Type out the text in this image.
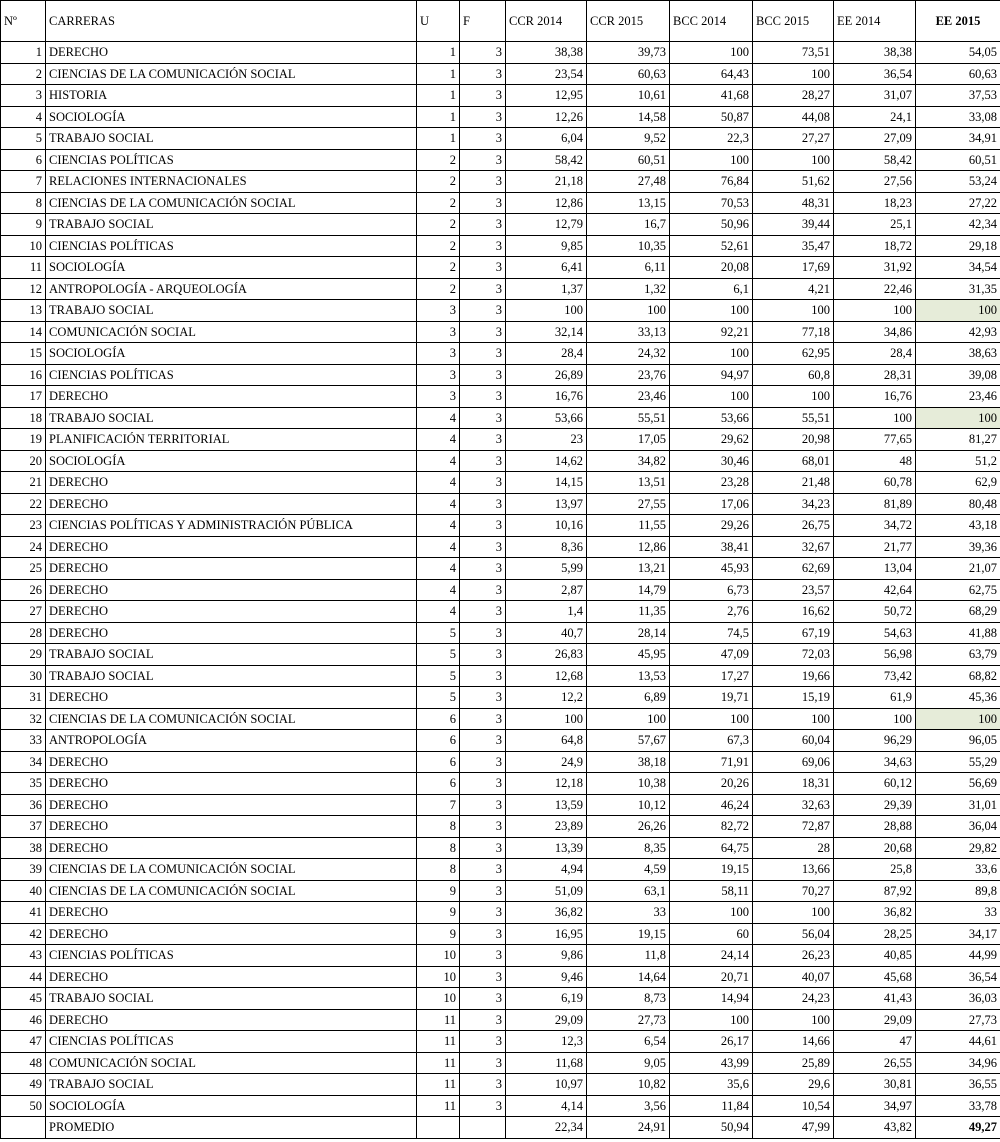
Nº	CARRERAS	U	F	CCR 2014	CCR 2015	BCC 2014	BCC 2015	EE 2014	EE 2015
1	DERECHO	1	3	38,38	39,73	100	73,51	38,38	54,05
2	CIENCIAS DE LA COMUNICACIÓN SOCIAL	1	3	23,54	60,63	64,43	100	36,54	60,63
3	HISTORIA	1	3	12,95	10,61	41,68	28,27	31,07	37,53
4	SOCIOLOGÍA	1	3	12,26	14,58	50,87	44,08	24,1	33,08
5	TRABAJO SOCIAL	1	3	6,04	9,52	22,3	27,27	27,09	34,91
6	CIENCIAS POLÍTICAS	2	3	58,42	60,51	100	100	58,42	60,51
7	RELACIONES INTERNACIONALES	2	3	21,18	27,48	76,84	51,62	27,56	53,24
8	CIENCIAS DE LA COMUNICACIÓN SOCIAL	2	3	12,86	13,15	70,53	48,31	18,23	27,22
9	TRABAJO SOCIAL	2	3	12,79	16,7	50,96	39,44	25,1	42,34
10	CIENCIAS POLÍTICAS	2	3	9,85	10,35	52,61	35,47	18,72	29,18
11	SOCIOLOGÍA	2	3	6,41	6,11	20,08	17,69	31,92	34,54
12	ANTROPOLOGÍA - ARQUEOLOGÍA	2	3	1,37	1,32	6,1	4,21	22,46	31,35
13	TRABAJO SOCIAL	3	3	100	100	100	100	100	100
14	COMUNICACIÓN SOCIAL	3	3	32,14	33,13	92,21	77,18	34,86	42,93
15	SOCIOLOGÍA	3	3	28,4	24,32	100	62,95	28,4	38,63
16	CIENCIAS POLÍTICAS	3	3	26,89	23,76	94,97	60,8	28,31	39,08
17	DERECHO	3	3	16,76	23,46	100	100	16,76	23,46
18	TRABAJO SOCIAL	4	3	53,66	55,51	53,66	55,51	100	100
19	PLANIFICACIÓN TERRITORIAL	4	3	23	17,05	29,62	20,98	77,65	81,27
20	SOCIOLOGÍA	4	3	14,62	34,82	30,46	68,01	48	51,2
21	DERECHO	4	3	14,15	13,51	23,28	21,48	60,78	62,9
22	DERECHO	4	3	13,97	27,55	17,06	34,23	81,89	80,48
23	CIENCIAS POLÍTICAS Y ADMINISTRACIÓN PÚBLICA	4	3	10,16	11,55	29,26	26,75	34,72	43,18
24	DERECHO	4	3	8,36	12,86	38,41	32,67	21,77	39,36
25	DERECHO	4	3	5,99	13,21	45,93	62,69	13,04	21,07
26	DERECHO	4	3	2,87	14,79	6,73	23,57	42,64	62,75
27	DERECHO	4	3	1,4	11,35	2,76	16,62	50,72	68,29
28	DERECHO	5	3	40,7	28,14	74,5	67,19	54,63	41,88
29	TRABAJO SOCIAL	5	3	26,83	45,95	47,09	72,03	56,98	63,79
30	TRABAJO SOCIAL	5	3	12,68	13,53	17,27	19,66	73,42	68,82
31	DERECHO	5	3	12,2	6,89	19,71	15,19	61,9	45,36
32	CIENCIAS DE LA COMUNICACIÓN SOCIAL	6	3	100	100	100	100	100	100
33	ANTROPOLOGÍA	6	3	64,8	57,67	67,3	60,04	96,29	96,05
34	DERECHO	6	3	24,9	38,18	71,91	69,06	34,63	55,29
35	DERECHO	6	3	12,18	10,38	20,26	18,31	60,12	56,69
36	DERECHO	7	3	13,59	10,12	46,24	32,63	29,39	31,01
37	DERECHO	8	3	23,89	26,26	82,72	72,87	28,88	36,04
38	DERECHO	8	3	13,39	8,35	64,75	28	20,68	29,82
39	CIENCIAS DE LA COMUNICACIÓN SOCIAL	8	3	4,94	4,59	19,15	13,66	25,8	33,6
40	CIENCIAS DE LA COMUNICACIÓN SOCIAL	9	3	51,09	63,1	58,11	70,27	87,92	89,8
41	DERECHO	9	3	36,82	33	100	100	36,82	33
42	DERECHO	9	3	16,95	19,15	60	56,04	28,25	34,17
43	CIENCIAS POLÍTICAS	10	3	9,86	11,8	24,14	26,23	40,85	44,99
44	DERECHO	10	3	9,46	14,64	20,71	40,07	45,68	36,54
45	TRABAJO SOCIAL	10	3	6,19	8,73	14,94	24,23	41,43	36,03
46	DERECHO	11	3	29,09	27,73	100	100	29,09	27,73
47	CIENCIAS POLÍTICAS	11	3	12,3	6,54	26,17	14,66	47	44,61
48	COMUNICACIÓN SOCIAL	11	3	11,68	9,05	43,99	25,89	26,55	34,96
49	TRABAJO SOCIAL	11	3	10,97	10,82	35,6	29,6	30,81	36,55
50	SOCIOLOGÍA	11	3	4,14	3,56	11,84	10,54	34,97	33,78
	PROMEDIO			22,34	24,91	50,94	47,99	43,82	49,27
